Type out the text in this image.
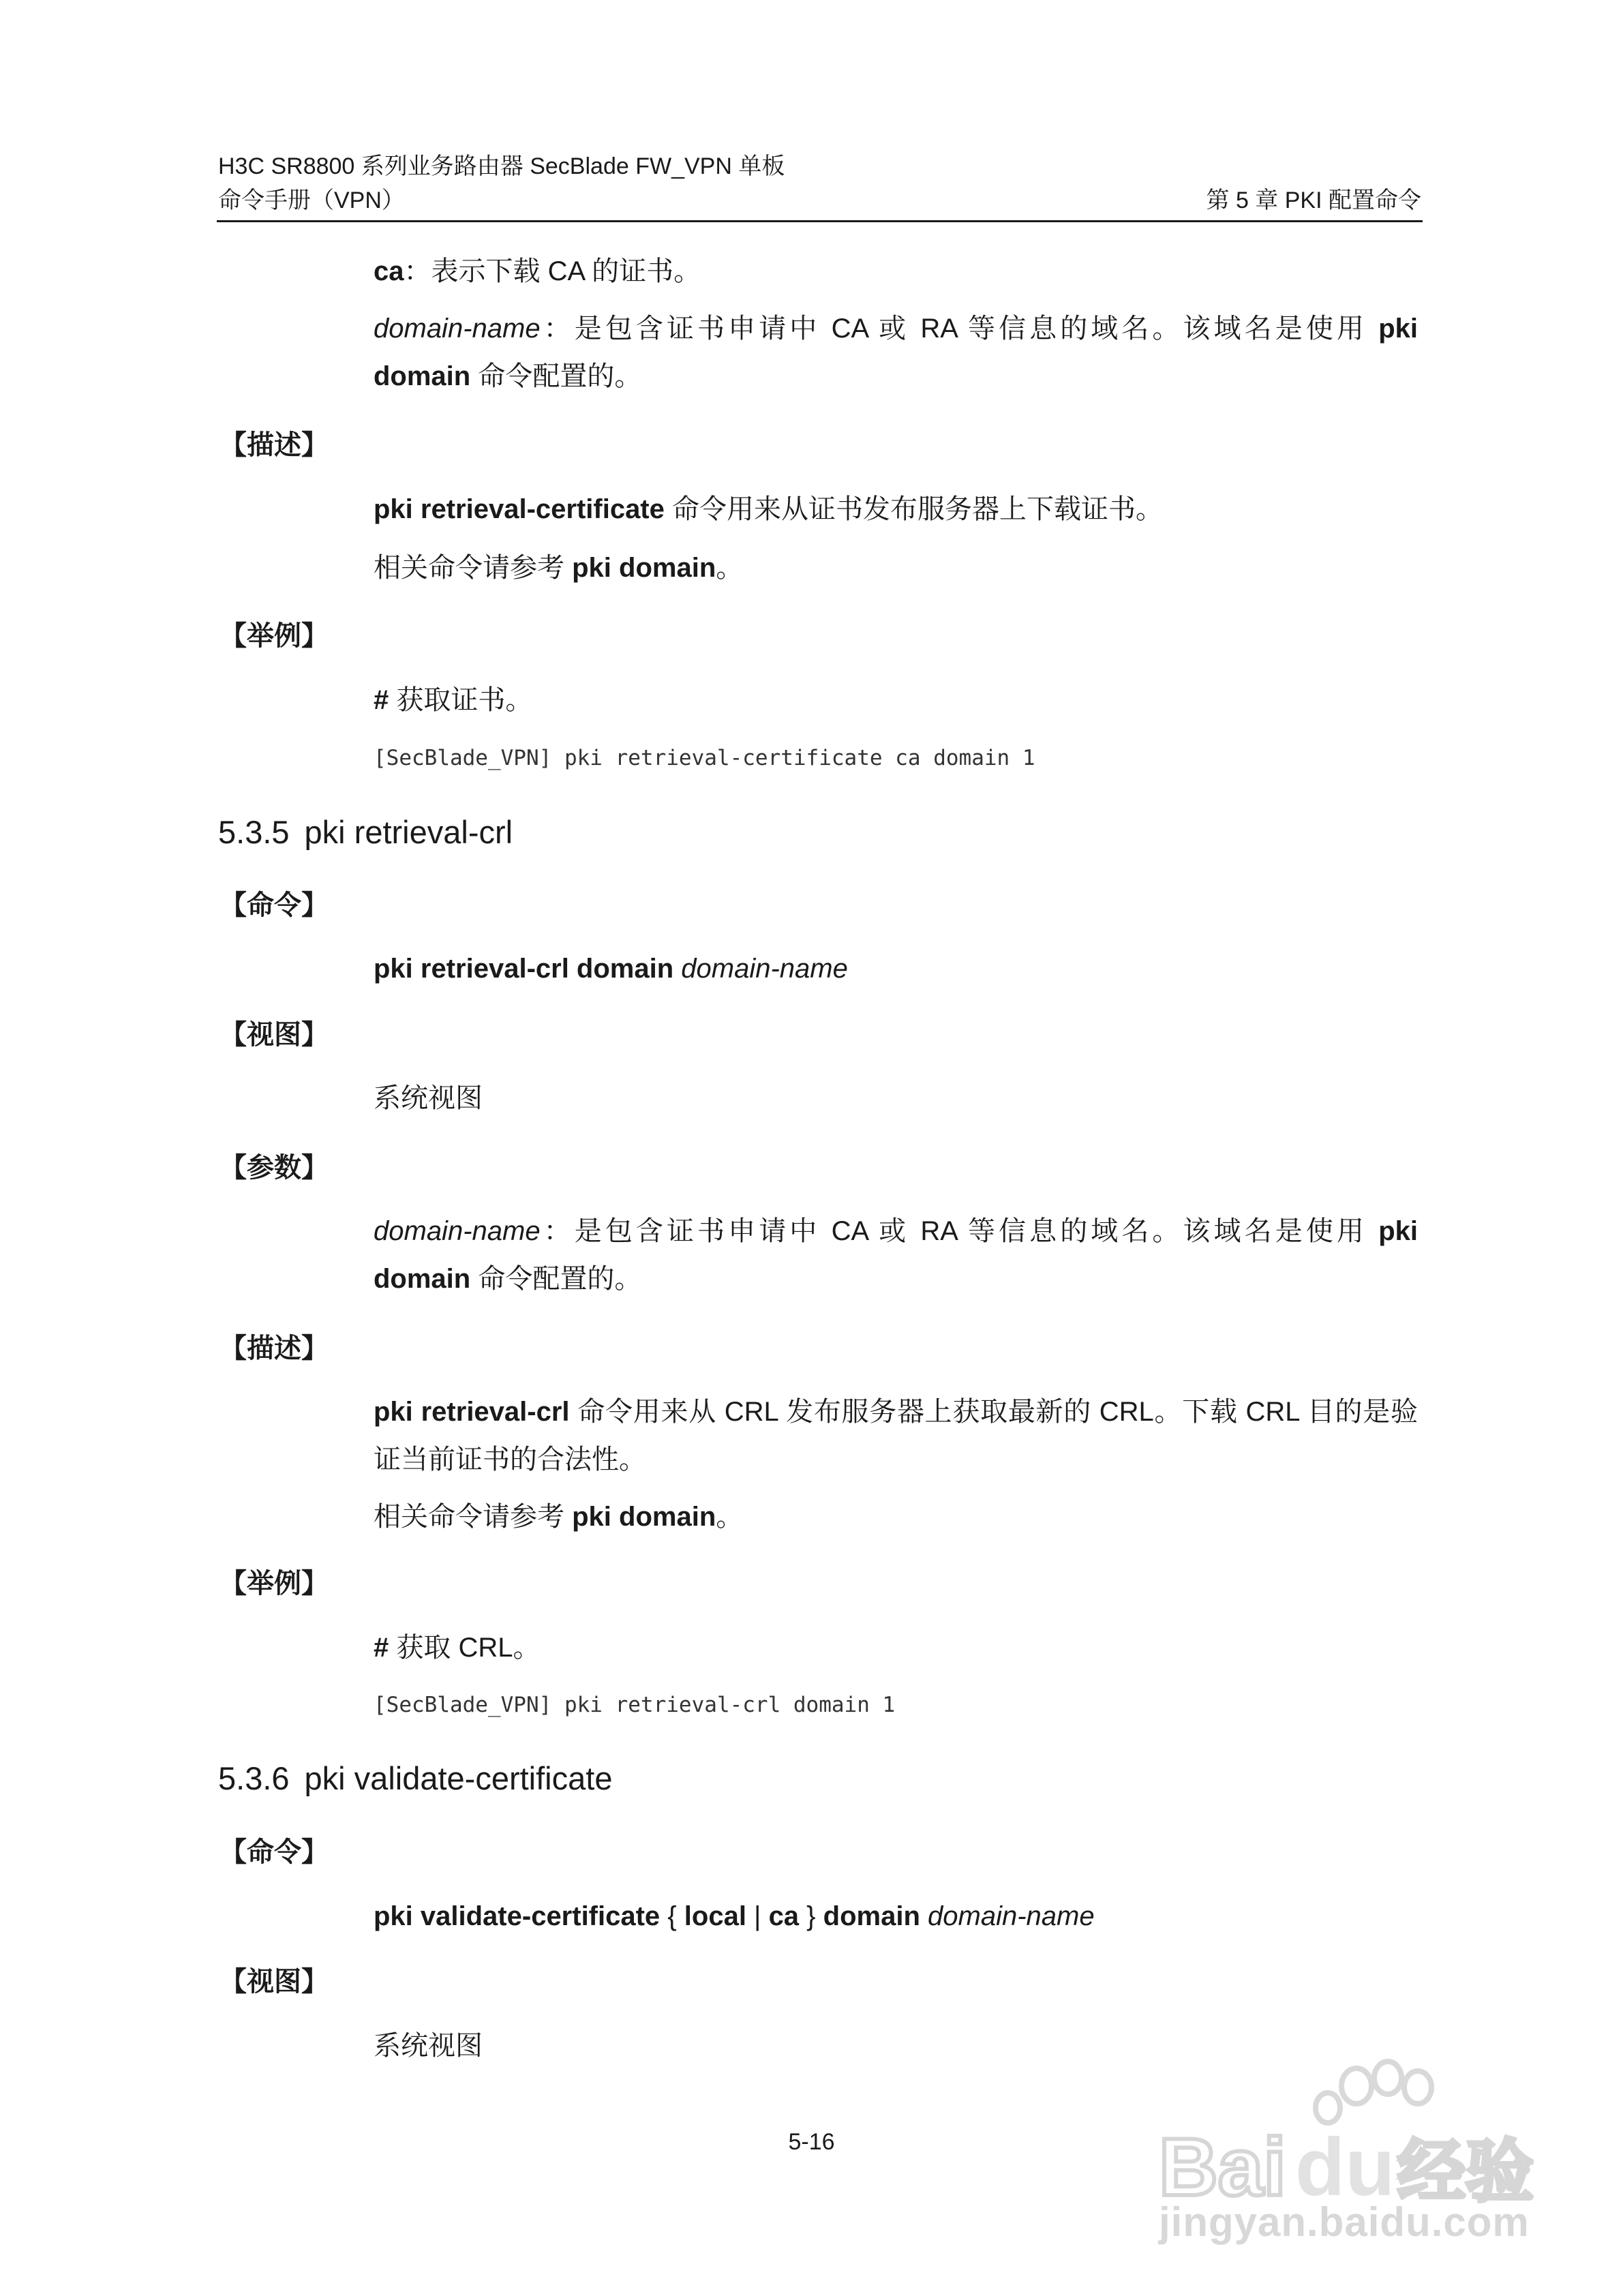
H3C SR8800 系列业务路由器 SecBlade FW_VPN 单板
命令手册（VPN）	第 5 章 PKI 配置命令
ca：表示下载 CA 的证书。
domain-name：是包含证书申请中 CA 或 RA 等信息的域名。该域名是使用 pki domain 命令配置的。
【描述】
pki retrieval-certificate 命令用来从证书发布服务器上下载证书。
相关命令请参考 pki domain。
【举例】
# 获取证书。
[SecBlade_VPN] pki retrieval-certificate ca domain 1
5.3.5 pki retrieval-crl
【命令】
pki retrieval-crl domain domain-name
【视图】
系统视图
【参数】
domain-name：是包含证书申请中 CA 或 RA 等信息的域名。该域名是使用 pki domain 命令配置的。
【描述】
pki retrieval-crl 命令用来从 CRL 发布服务器上获取最新的 CRL。下载 CRL 目的是验证当前证书的合法性。
相关命令请参考 pki domain。
【举例】
# 获取 CRL。
[SecBlade_VPN] pki retrieval-crl domain 1
5.3.6 pki validate-certificate
【命令】
pki validate-certificate { local | ca } domain domain-name
【视图】
系统视图
5-16	Bai du 经验
jingyan.baidu.com
